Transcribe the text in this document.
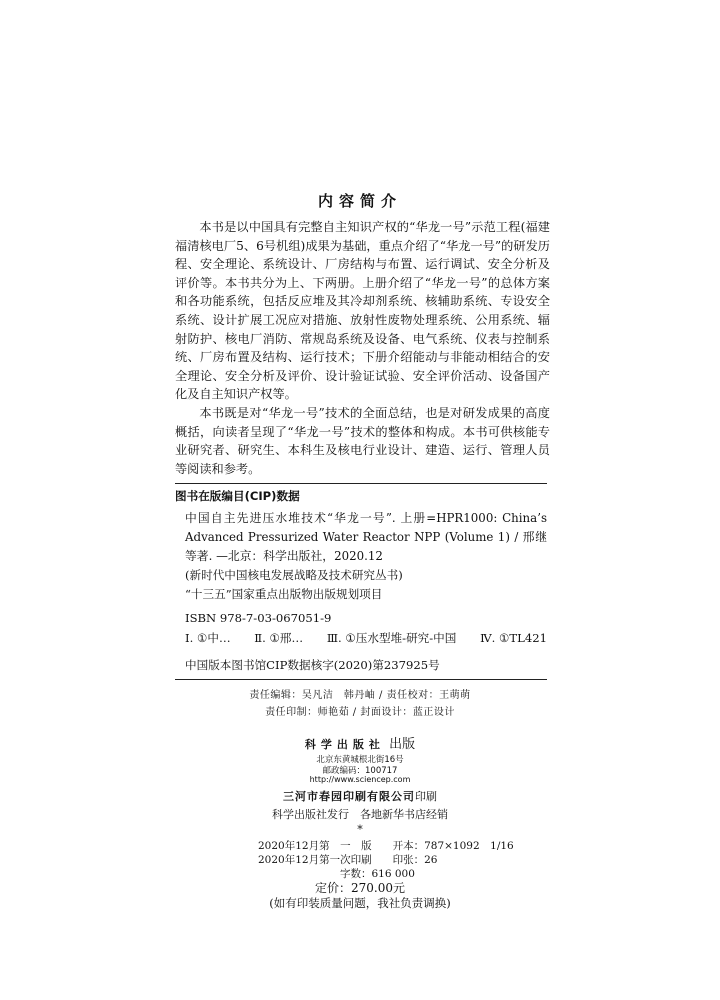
内容简介

本书是以中国具有完整自主知识产权的“华龙一号”示范工程(福建福清核电厂5、6号机组)成果为基础，重点介绍了“华龙一号”的研发历程、安全理论、系统设计、厂房结构与布置、运行调试、安全分析及评价等。本书共分为上、下两册。上册介绍了“华龙一号”的总体方案和各功能系统，包括反应堆及其冷却剂系统、核辅助系统、专设安全系统、设计扩展工况应对措施、放射性废物处理系统、公用系统、辐射防护、核电厂消防、常规岛系统及设备、电气系统、仪表与控制系统、厂房布置及结构、运行技术；下册介绍能动与非能动相结合的安全理论、安全分析及评价、设计验证试验、安全评价活动、设备国产化及自主知识产权等。

本书既是对“华龙一号”技术的全面总结，也是对研发成果的高度概括，向读者呈现了“华龙一号”技术的整体和构成。本书可供核能专业研究者、研究生、本科生及核电行业设计、建造、运行、管理人员等阅读和参考。

图书在版编目(CIP)数据
中国自主先进压水堆技术“华龙一号”. 上册=HPR1000: China’s Advanced Pressurized Water Reactor NPP (Volume 1) / 邢继等著. —北京：科学出版社，2020.12
(新时代中国核电发展战略及技术研究丛书)
“十三五”国家重点出版物出版规划项目
ISBN 978-7-03-067051-9
Ⅰ. ①中… Ⅱ. ①邢… Ⅲ. ①压水型堆-研究-中国 Ⅳ. ①TL421
中国版本图书馆CIP数据核字(2020)第237925号
责任编辑：吴凡洁　韩丹岫 / 责任校对：王萌萌
责任印制：师艳茹 / 封面设计：蓝正设计
科学出版社 出版
北京东黄城根北街16号
邮政编码：100717
http://www.sciencep.com
三河市春园印刷有限公司印刷
科学出版社发行　各地新华书店经销
*
2020年12月第　一　版　　开本：787×1092　1/16
2020年12月第一次印刷　　印张：26
字数：616 000
定价：270.00元
(如有印装质量问题，我社负责调换)
